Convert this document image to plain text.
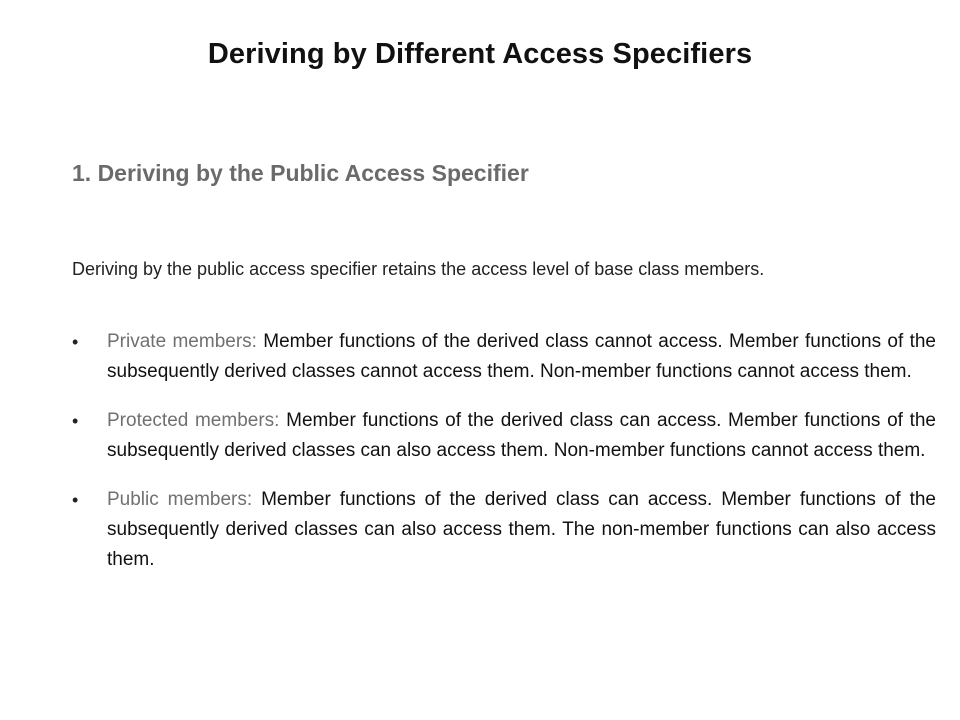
Deriving by Different Access Specifiers
1. Deriving by the Public Access Specifier
Deriving by the public access specifier retains the access level of base class members.
• Private members: Member functions of the derived class cannot access. Member functions of the subsequently derived classes cannot access them. Non-member functions cannot access them.
• Protected members: Member functions of the derived class can access. Member functions of the subsequently derived classes can also access them. Non-member functions cannot access them.
• Public members: Member functions of the derived class can access. Member functions of the subsequently derived classes can also access them. The non-member functions can also access them.
